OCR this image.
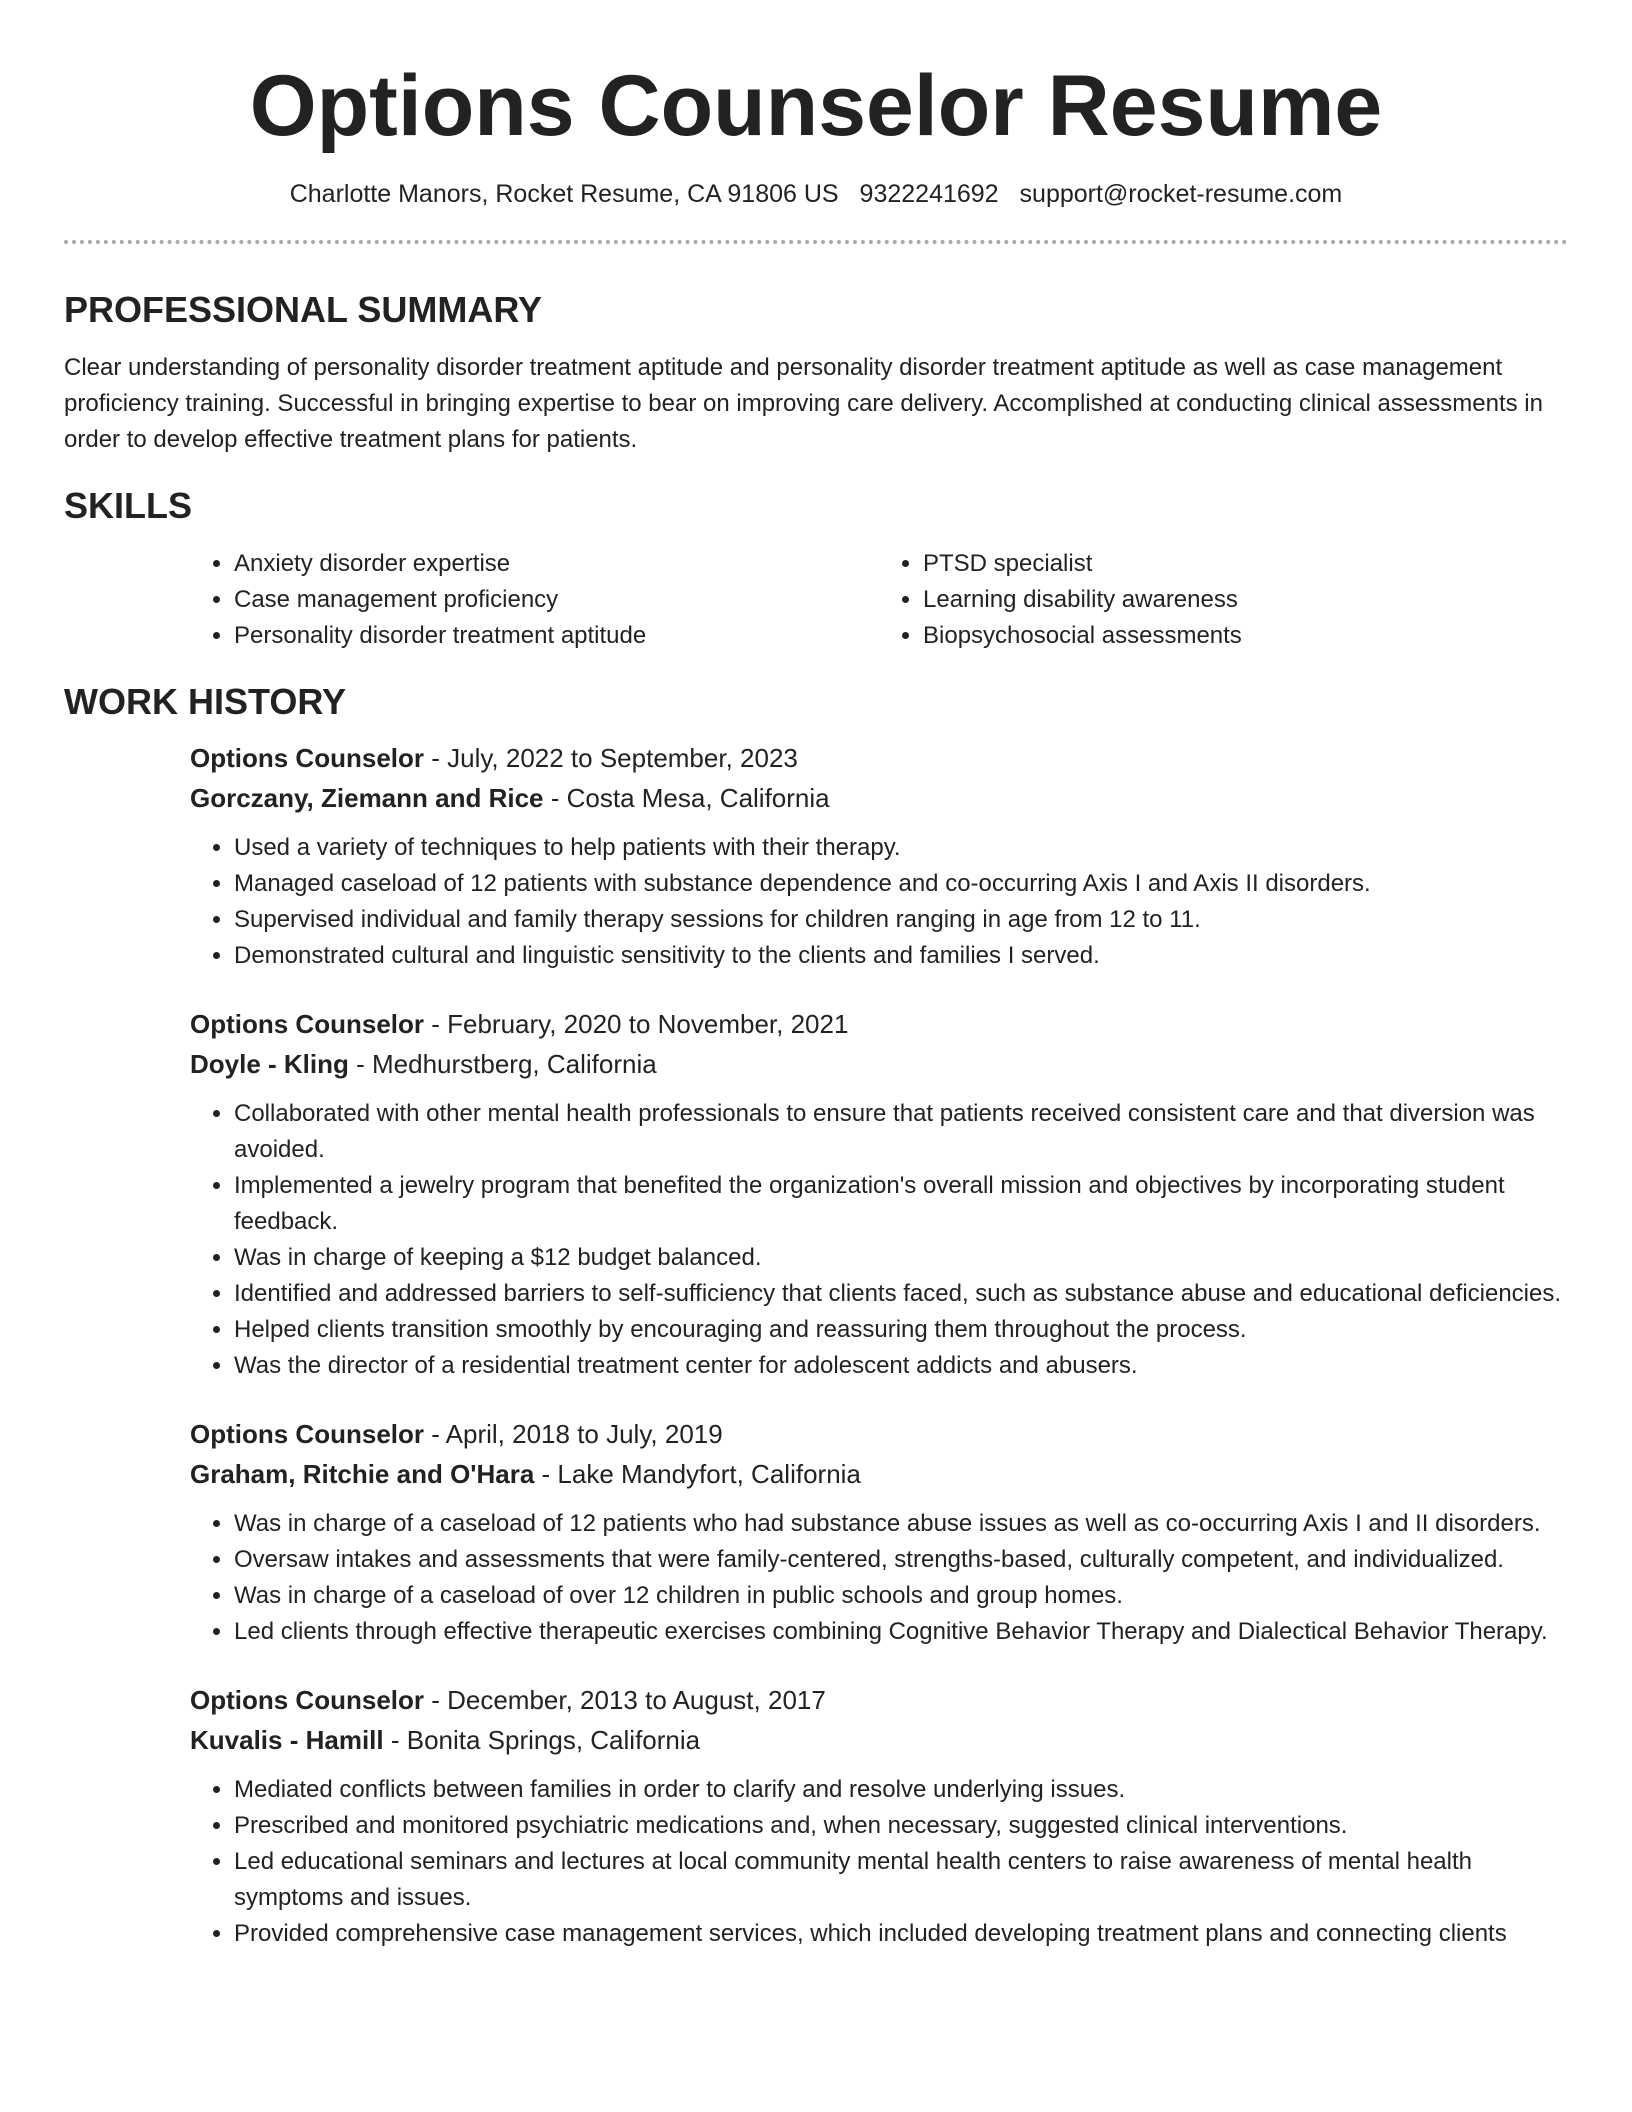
Options Counselor Resume
Charlotte Manors, Rocket Resume, CA 91806 US 9322241692 support@rocket-resume.com
PROFESSIONAL SUMMARY

Clear understanding of personality disorder treatment aptitude and personality disorder treatment aptitude as well as case management proficiency training. Successful in bringing expertise to bear on improving care delivery. Accomplished at conducting clinical assessments in order to develop effective treatment plans for patients.

SKILLS
• Anxiety disorder expertise
• Case management proficiency
• Personality disorder treatment aptitude
• PTSD specialist
• Learning disability awareness
• Biopsychosocial assessments
WORK HISTORY
Options Counselor - July, 2022 to September, 2023
Gorczany, Ziemann and Rice - Costa Mesa, California
• Used a variety of techniques to help patients with their therapy.
• Managed caseload of 12 patients with substance dependence and co-occurring Axis I and Axis II disorders.
• Supervised individual and family therapy sessions for children ranging in age from 12 to 11.
• Demonstrated cultural and linguistic sensitivity to the clients and families I served.
Options Counselor - February, 2020 to November, 2021
Doyle - Kling - Medhurstberg, California
• Collaborated with other mental health professionals to ensure that patients received consistent care and that diversion was avoided.
• Implemented a jewelry program that benefited the organization's overall mission and objectives by incorporating student feedback.
• Was in charge of keeping a $12 budget balanced.
• Identified and addressed barriers to self-sufficiency that clients faced, such as substance abuse and educational deficiencies.
• Helped clients transition smoothly by encouraging and reassuring them throughout the process.
• Was the director of a residential treatment center for adolescent addicts and abusers.
Options Counselor - April, 2018 to July, 2019
Graham, Ritchie and O'Hara - Lake Mandyfort, California
• Was in charge of a caseload of 12 patients who had substance abuse issues as well as co-occurring Axis I and II disorders.
• Oversaw intakes and assessments that were family-centered, strengths-based, culturally competent, and individualized.
• Was in charge of a caseload of over 12 children in public schools and group homes.
• Led clients through effective therapeutic exercises combining Cognitive Behavior Therapy and Dialectical Behavior Therapy.
Options Counselor - December, 2013 to August, 2017
Kuvalis - Hamill - Bonita Springs, California
• Mediated conflicts between families in order to clarify and resolve underlying issues.
• Prescribed and monitored psychiatric medications and, when necessary, suggested clinical interventions.
• Led educational seminars and lectures at local community mental health centers to raise awareness of mental health symptoms and issues.
• Provided comprehensive case management services, which included developing treatment plans and connecting clients
